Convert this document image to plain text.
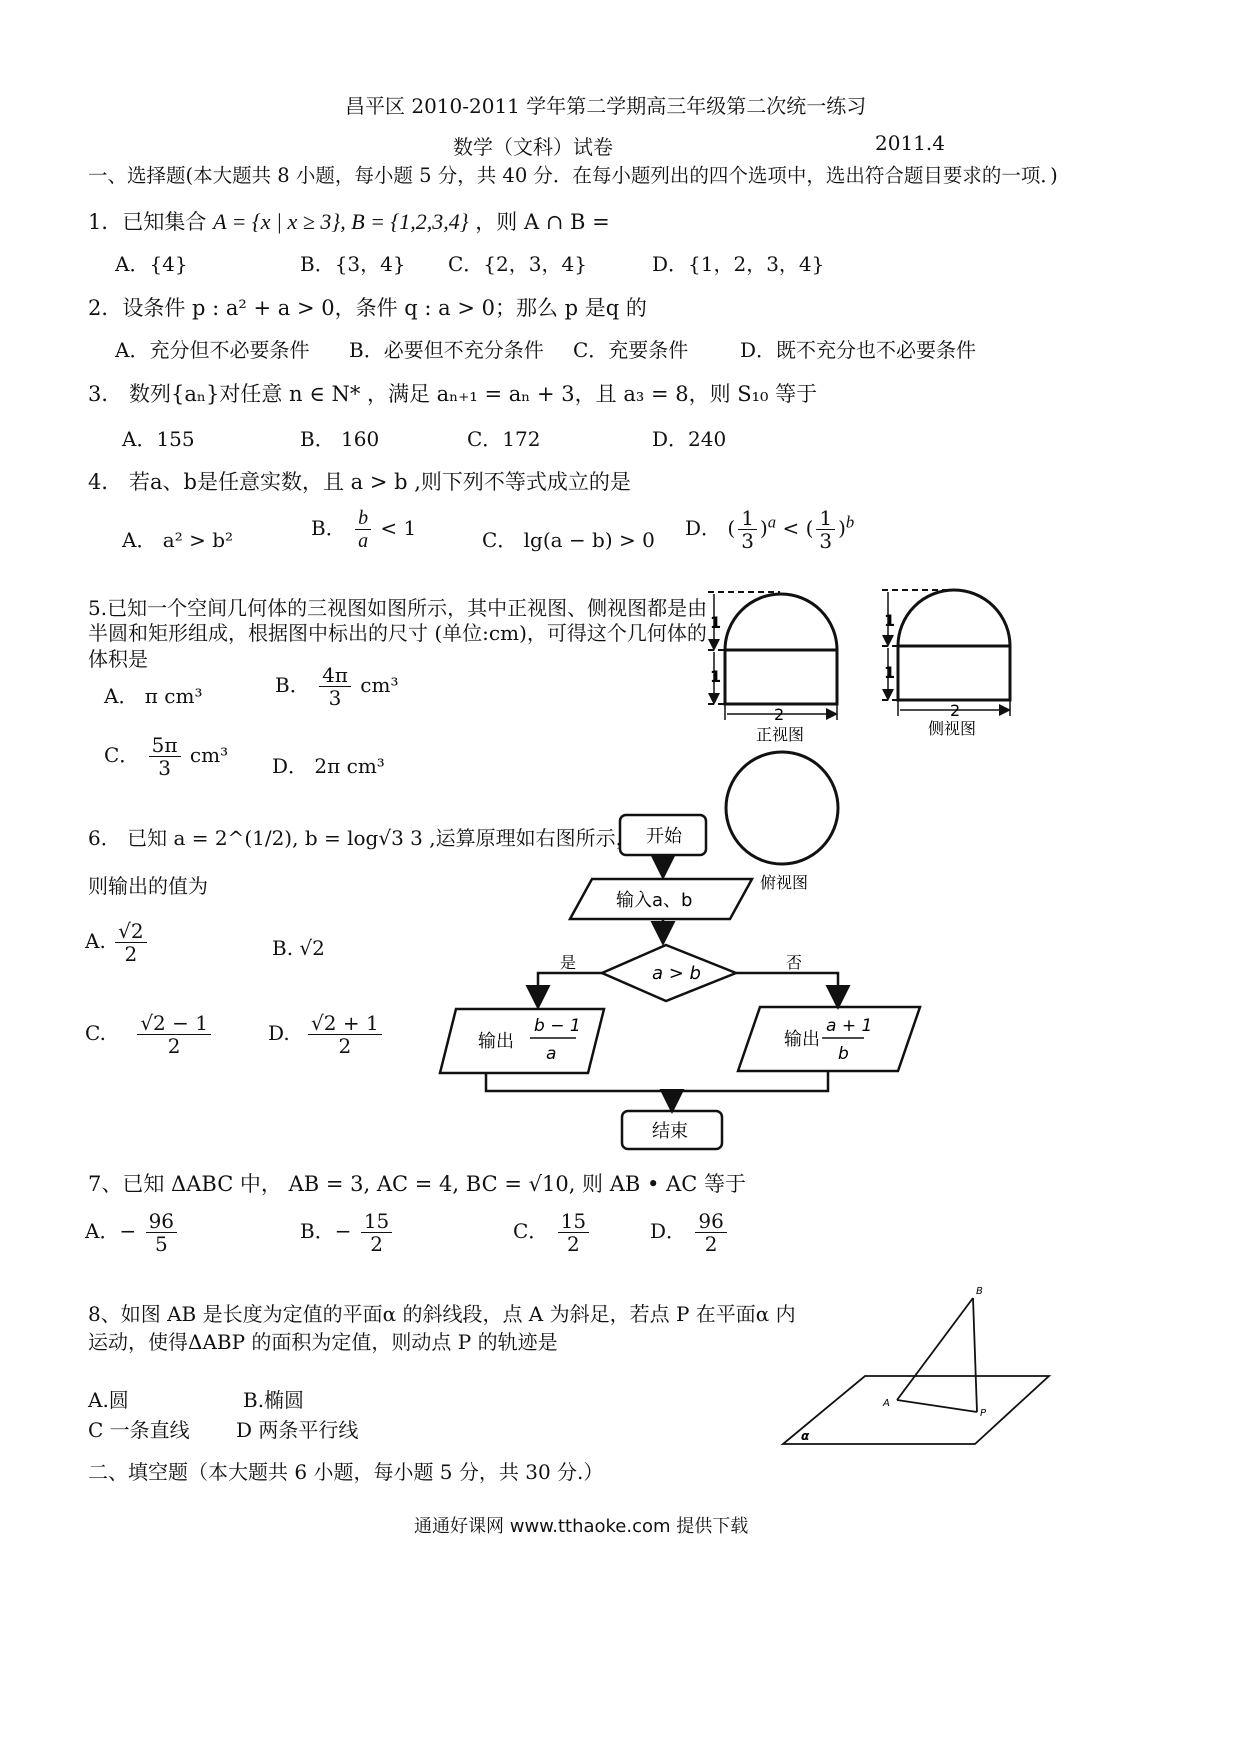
昌平区 2010-2011 学年第二学期高三年级第二次统一练习
数学（文科）试卷	2011.4
一、选择题(本大题共 8 小题，每小题 5 分，共 40 分．在每小题列出的四个选项中，选出符合题目要求的一项．)
1．已知集合 A = {x | x ≥ 3}, B = {1,2,3,4} ，则 A ∩ B =
A．{4}	B．{3，4} C．{2，3，4}	D．{1，2，3，4}
2．设条件 p : a² + a > 0，条件 q : a > 0；那么 p 是q 的
A．充分但不必要条件 B．必要但不充分条件 C．充要条件	D．既不充分也不必要条件
3． 数列{aₙ}对任意 n ∈ N* ，满足 aₙ₊₁ = aₙ + 3，且 a₃ = 8，则 S₁₀ 等于
A．155	B． 160	C．172	D．240
4． 若a、b是任意实数，且 a > b ,则下列不等式成立的是
A． a² > b²	B． $\frac{b}{a} < 1$	C． lg(a − b) > 0 D． ( $\frac{1}{3} )^a$ < ( $\frac{1}{3} )^b$
5.已知一个空间几何体的三视图如图所示，其中正视图、侧视图都是由
半圆和矩形组成，根据图中标出的尺寸 (单位:cm)，可得这个几何体的
体积是
A． π cm³	B． $\frac{4\pi}{3} cm^3$
C． $\frac{5\pi}{3} cm^3$ D． 2π cm³
1
1
2
正视图
1
1
2
侧视图
俯视图
6． 已知 a = 2^(1/2), b = log√3 3 ,运算原理如右图所示，
则输出的值为
A. $\frac{√2}{2}$	B. √2
C. $\frac{√2 - 1}{2}$	D. $\frac{√2 + 1}{2}$
开始
输入a、b
a > b
是	否
输出
b − 1
a
输出
a + 1
b
结束
7、已知 ΔABC 中， AB = 3, AC = 4, BC = √10, 则 AB • AC 等于
A．− $\frac{96}{5}$	B．− $\frac{15}{2}$	C． $\frac{15}{2}$	D． $\frac{96}{2}$
8、如图 AB 是长度为定值的平面α 的斜线段，点 A 为斜足，若点 P 在平面α 内
运动，使得ΔABP 的面积为定值，则动点 P 的轨迹是
A.圆	B.椭圆
C 一条直线 D 两条平行线
B
A
P
α
二、填空题（本大题共 6 小题，每小题 5 分，共 30 分.）
通通好课网 www.tthaoke.com 提供下载
